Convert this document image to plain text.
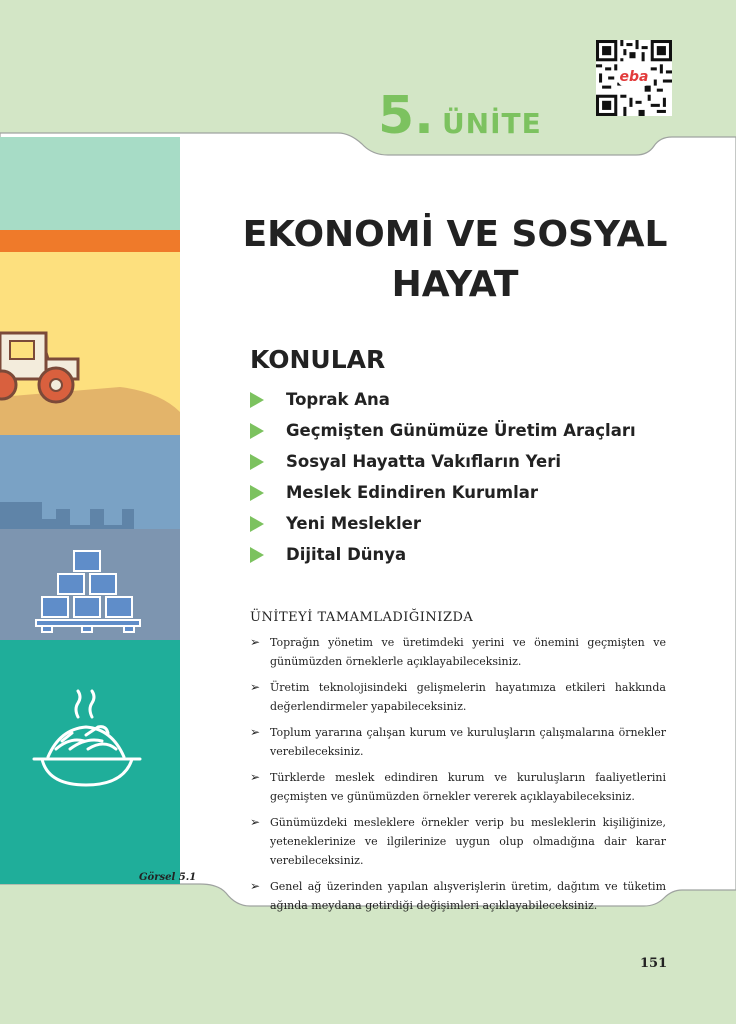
eba
5. ÜNİTE
EKONOMİ VE SOSYAL
HAYAT
KONULAR
Toprak Ana
Geçmişten Günümüze Üretim Araçları
Sosyal Hayatta Vakıfların Yeri
Meslek Edindiren Kurumlar
Yeni Meslekler
Dijital Dünya
ÜNİTEYİ TAMAMLADIĞINIZDA
➢ Toprağın yönetim ve üretimdeki yerini ve önemini geçmişten ve günümüzden örneklerle açıklayabileceksiniz.
➢ Üretim teknolojisindeki gelişmelerin hayatımıza etkileri hakkında değerlendirmeler yapabileceksiniz.
➢ Toplum yararına çalışan kurum ve kuruluşların çalışmalarına örnekler verebileceksiniz.
➢ Türklerde meslek edindiren kurum ve kuruluşların faaliyetlerini geçmişten ve günümüzden örnekler vererek açıklayabileceksiniz.
➢ Günümüzdeki mesleklere örnekler verip bu mesleklerin kişiliğinize, yeteneklerinize ve ilgilerinize uygun olup olmadığına dair karar verebileceksiniz.
➢ Genel ağ üzerinden yapılan alışverişlerin üretim, dağıtım ve tüketim ağında meydana getirdiği değişimleri açıklayabileceksiniz.
Görsel 5.1
151
